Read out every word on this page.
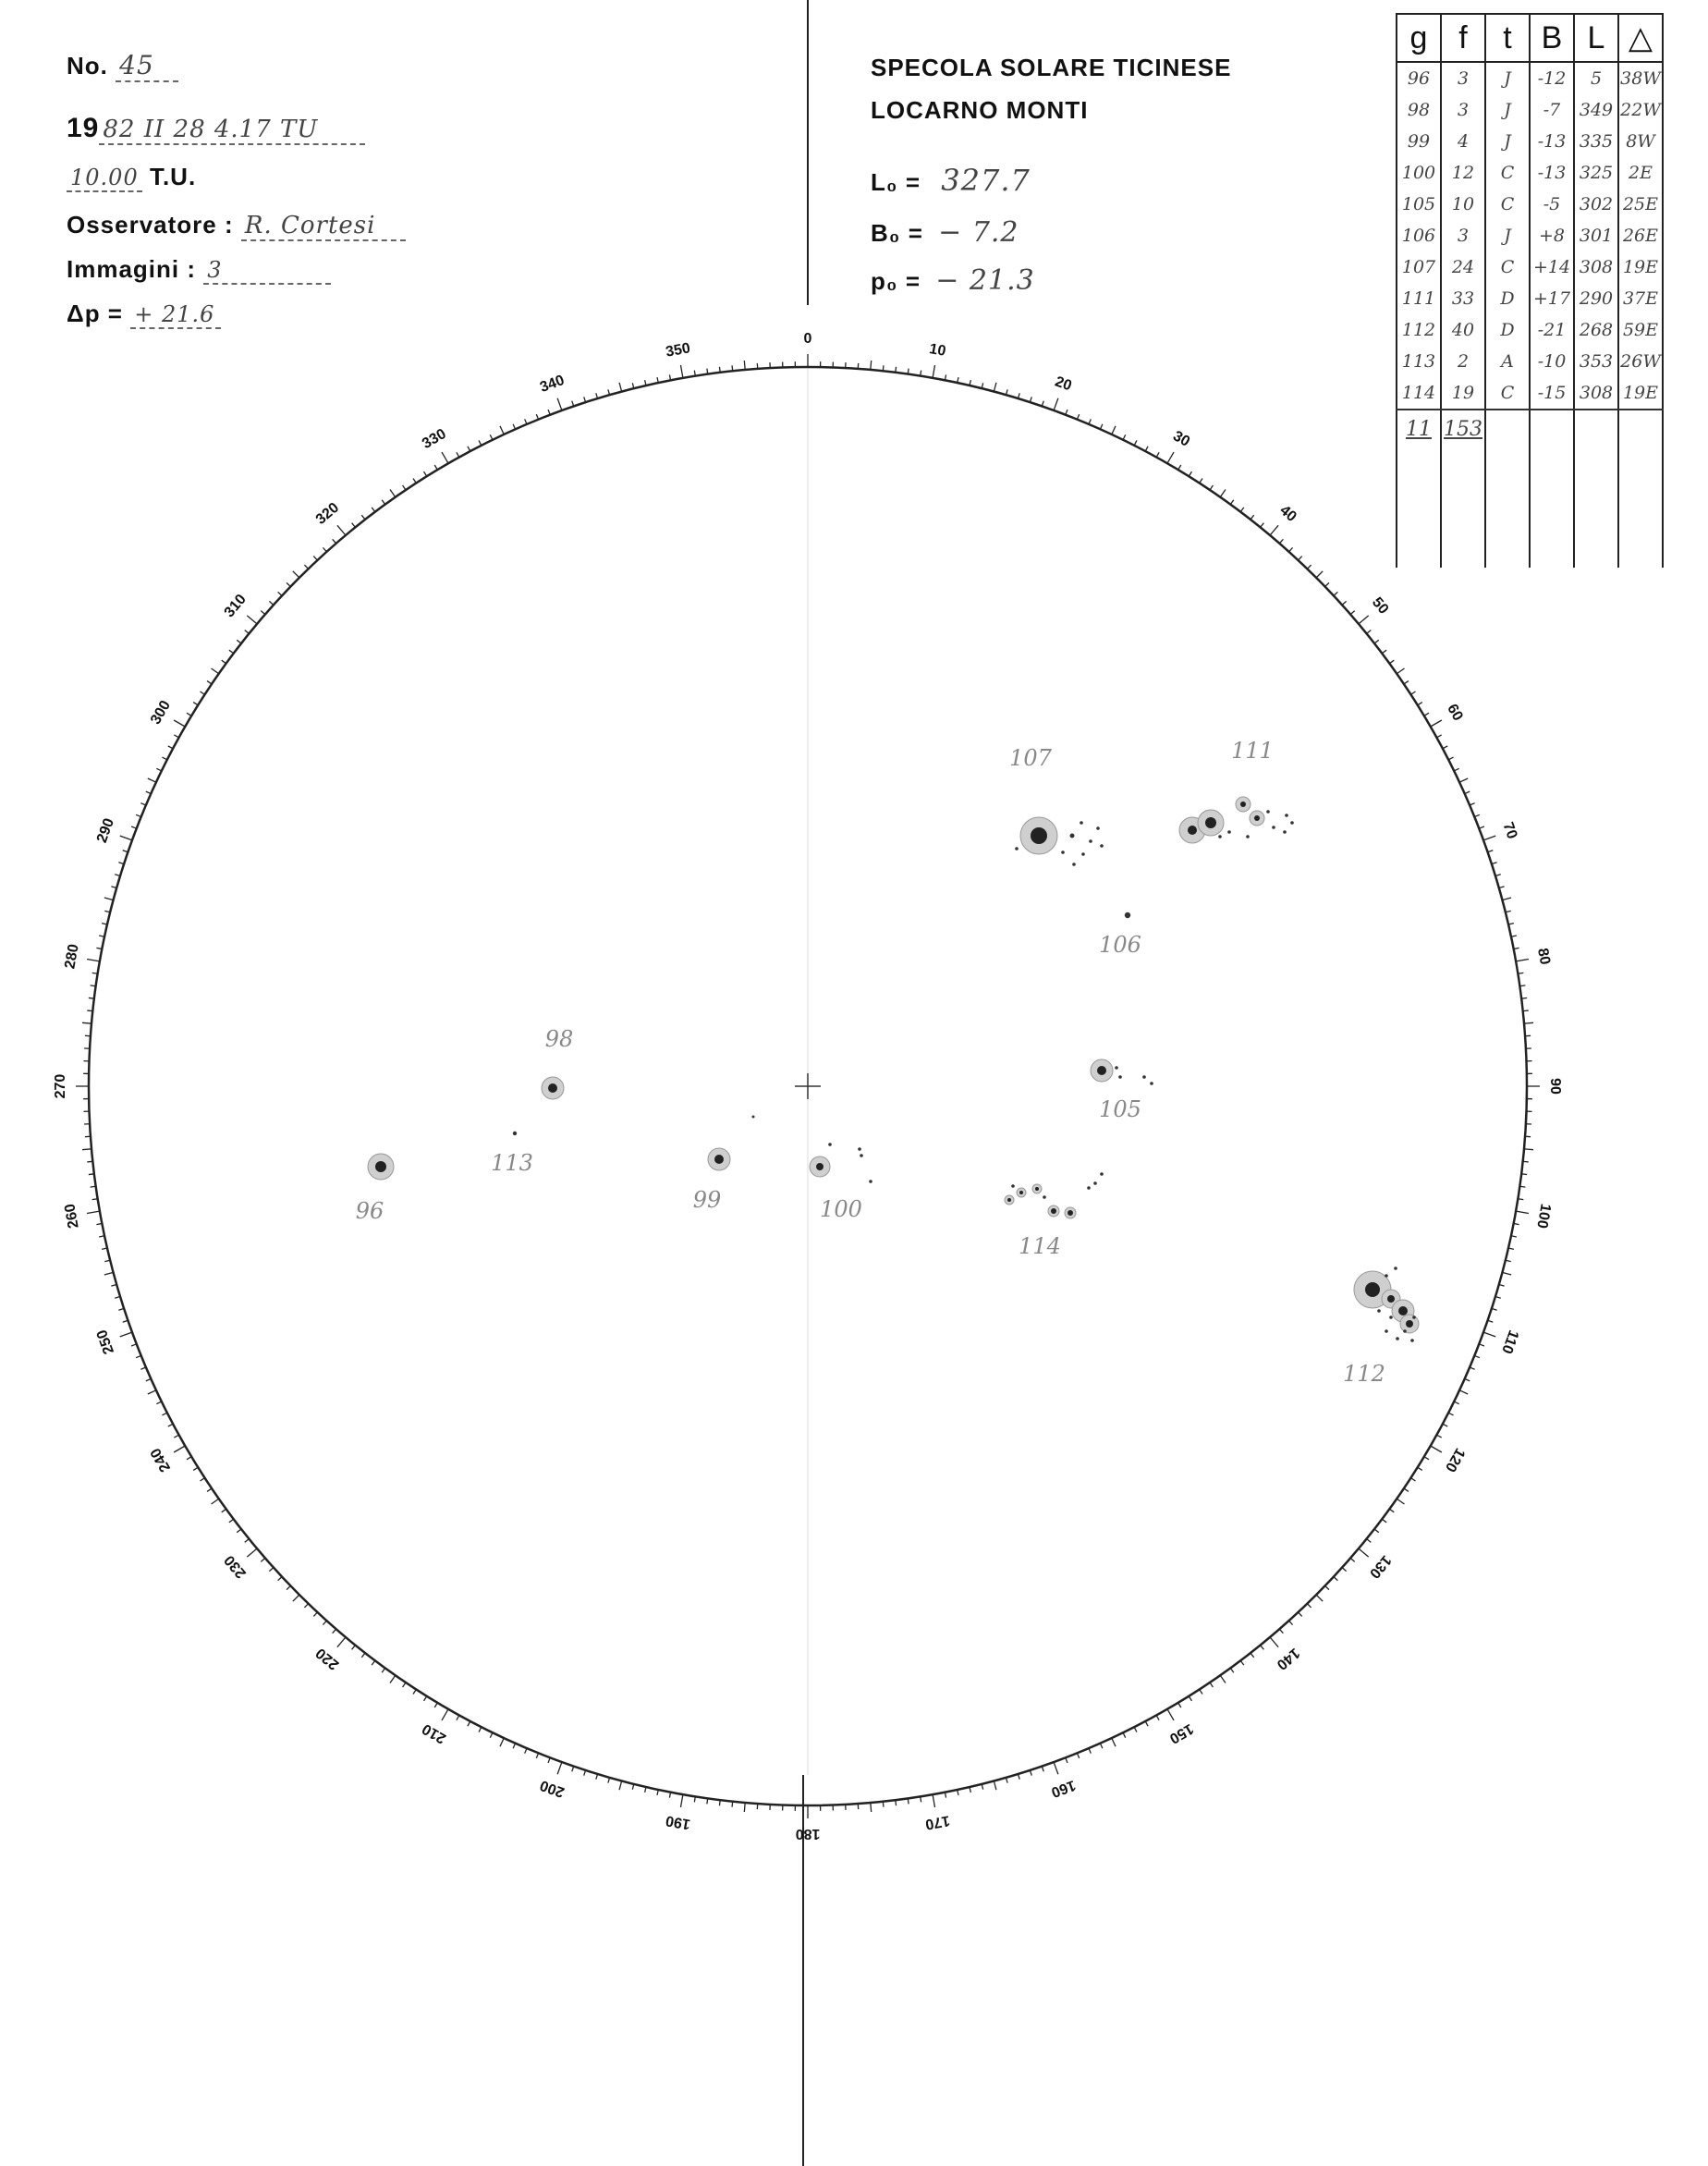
No. 45
19 82 II 28 4.17 TU
10.00 T.U.
Osservatore : R. Cortesi
Immagini : 3
Δp = + 21.6
SPECOLA SOLARE TICINESE
LOCARNO MONTI
L₀ = 327.7
B₀ = − 7.2
p₀ = − 21.3
g	f	t	B	L	△
96	3	J	-12	5	38W
98	3	J	-7	349	22W
99	4	J	-13	335	8W
100	12	C	-13	325	2E
105	10	C	-5	302	25E
106	3	J	+8	301	26E
107	24	C	+14	308	19E
111	33	D	+17	290	37E
112	40	D	-21	268	59E
113	2	A	-10	353	26W
114	19	C	-15	308	19E
11	153				

0
10
20
30
40
50
60
70
80
90
100
110
120
130
140
150
160
170
180
190
200
210
220
230
240
250
260
270
280
290
300
310
320
330
340
350
107	111
106
98
105
113
96	99	100
114
112
